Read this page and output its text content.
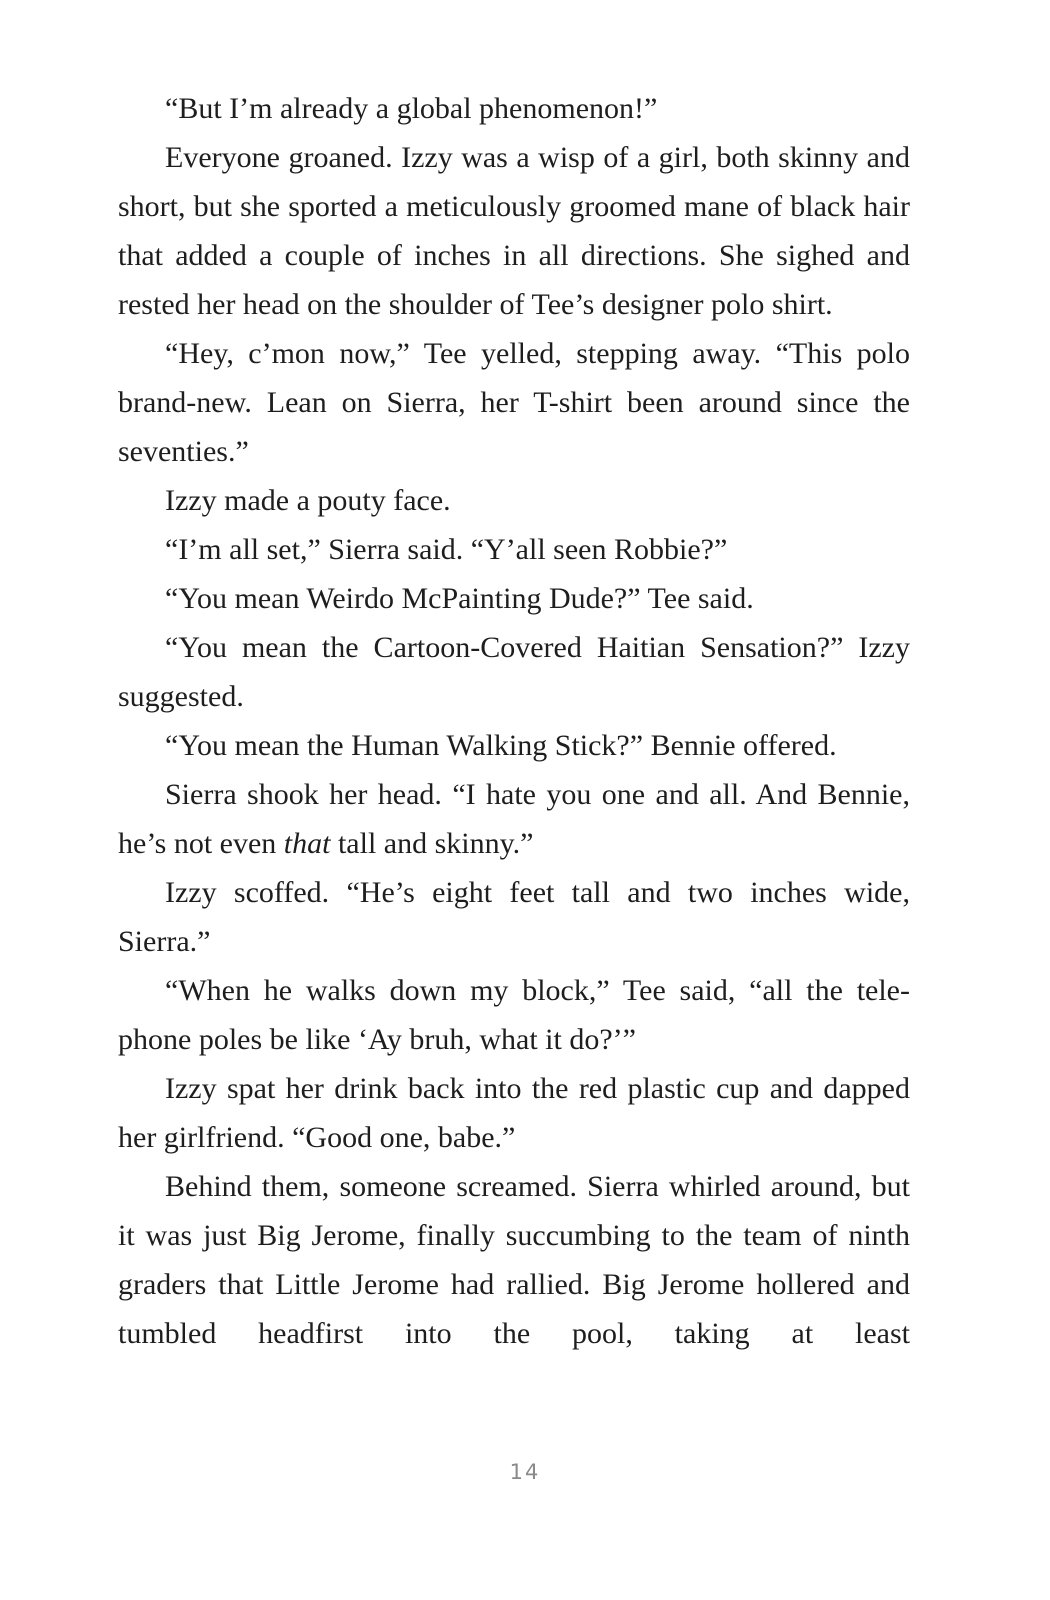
“But I’m already a global phenomenon!”

Everyone groaned. Izzy was a wisp of a girl, both skinny and short, but she sported a meticulously groomed mane of black hair that added a couple of inches in all directions. She sighed and rested her head on the shoulder of Tee’s designer polo shirt.

“Hey, c’mon now,” Tee yelled, stepping away. “This polo brand-new. Lean on Sierra, her T-shirt been around since the seventies.”

Izzy made a pouty face.

“I’m all set,” Sierra said. “Y’all seen Robbie?”

“You mean Weirdo McPainting Dude?” Tee said.

“You mean the Cartoon-Covered Haitian Sensation?” Izzy suggested.

“You mean the Human Walking Stick?” Bennie offered.

Sierra shook her head. “I hate you one and all. And Bennie, he’s not even that tall and skinny.”

Izzy scoffed. “He’s eight feet tall and two inches wide, Sierra.”

“When he walks down my block,” Tee said, “all the telephone poles be like ‘Ay bruh, what it do?’”

Izzy spat her drink back into the red plastic cup and dapped her girlfriend. “Good one, babe.”

Behind them, someone screamed. Sierra whirled around, but it was just Big Jerome, finally succumbing to the team of ninth graders that Little Jerome had rallied. Big Jerome hollered and tumbled headfirst into the pool, taking at least

14
